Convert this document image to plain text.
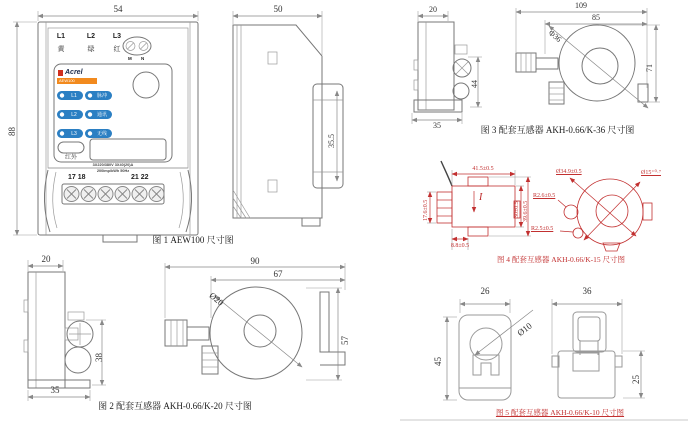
54
88
L1	L2	L3
黄	绿	红
M N
Acrel
AEW100
L1	脉冲
L2	通讯
L3	无线
红外
3X220/380V 3X40(20)A
200imp/kWh 50Hz
17 18	21 22
图 1 AEW100 尺寸图
50
35.5
20
44
35
109
85
Φ36
71
图 3 配套互感器 AKH-0.66/K-36 尺寸图
20
38
35
90
67
Ø20
57
图 2 配套互感器 AKH-0.66/K-20 尺寸图
41.5±0.5
17.6±0.5
8.8±0.5
30±0.5 39.6±0.5
I
Ø34.9±0.5	Ø15⁺⁰·⁷
R2.6±0.5
R2.5±0.5
图 4 配套互感器 AKH-0.66/K-15 尺寸图
26
45
Ø10
36
25
图 5 配套互感器 AKH-0.66/K-10 尺寸图
